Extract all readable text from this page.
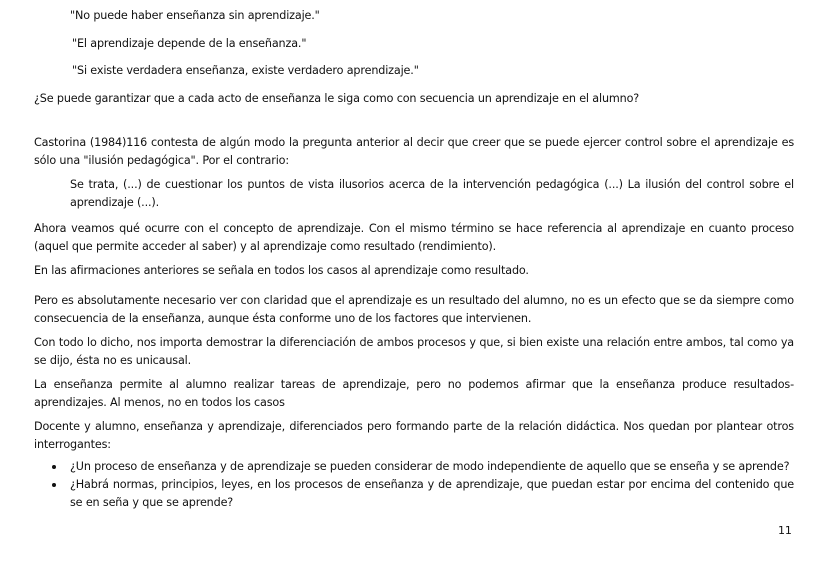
"No puede haber enseñanza sin aprendizaje."
"El aprendizaje depende de la enseñanza."
"Si existe verdadera enseñanza, existe verdadero aprendizaje."
¿Se puede garantizar que a cada acto de enseñanza le siga como con secuencia un aprendizaje en el alumno?
Castorina (1984)116 contesta de algún modo la pregunta anterior al decir que creer que se puede ejercer control sobre el aprendizaje es sólo una "ilusión pedagógica". Por el contrario:
Se trata, (...) de cuestionar los puntos de vista ilusorios acerca de la intervención pedagógica (...) La ilusión del control sobre el aprendizaje (...).
Ahora veamos qué ocurre con el concepto de aprendizaje. Con el mismo término se hace referencia al aprendizaje en cuanto proceso (aquel que permite acceder al saber) y al aprendizaje como resultado (rendimiento).
En las afirmaciones anteriores se señala en todos los casos al aprendizaje como resultado.
Pero es absolutamente necesario ver con claridad que el aprendizaje es un resultado del alumno, no es un efecto que se da siempre como consecuencia de la enseñanza, aunque ésta conforme uno de los factores que intervienen.
Con todo lo dicho, nos importa demostrar la diferenciación de ambos procesos y que, si bien existe una relación entre ambos, tal como ya se dijo, ésta no es unicausal.
La enseñanza permite al alumno realizar tareas de aprendizaje, pero no podemos afirmar que la enseñanza produce resultados-aprendizajes. Al menos, no en todos los casos
Docente y alumno, enseñanza y aprendizaje, diferenciados pero formando parte de la relación didáctica. Nos quedan por plantear otros interrogantes:
¿Un proceso de enseñanza y de aprendizaje se pueden considerar de modo independiente de aquello que se enseña y se aprende?
¿Habrá normas, principios, leyes, en los procesos de enseñanza y de aprendizaje, que puedan estar por encima del contenido que se en seña y que se aprende?
11
